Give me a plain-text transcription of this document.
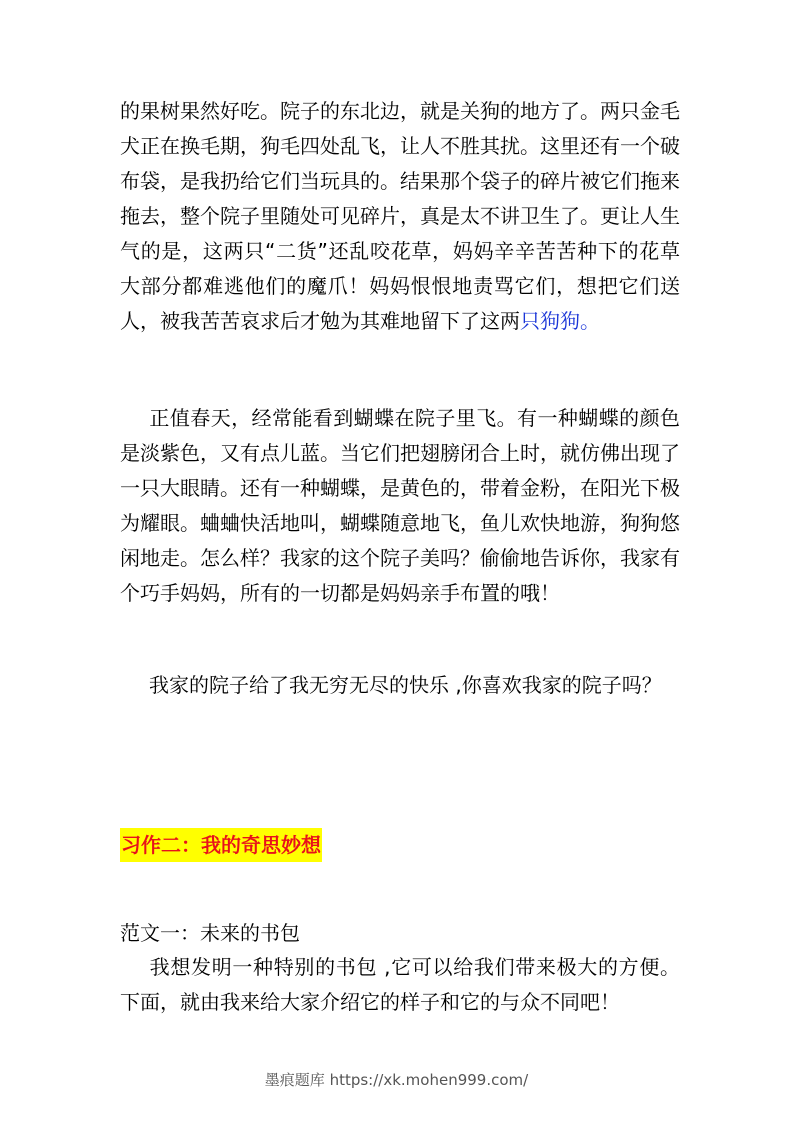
的果树果然好吃。院子的东北边，就是关狗的地方了。两只金毛犬正在换毛期，狗毛四处乱飞，让人不胜其扰。这里还有一个破布袋，是我扔给它们当玩具的。结果那个袋子的碎片被它们拖来拖去，整个院子里随处可见碎片，真是太不讲卫生了。更让人生气的是，这两只“二货”还乱咬花草，妈妈辛辛苦苦种下的花草大部分都难逃他们的魔爪！妈妈恨恨地责骂它们，想把它们送人，被我苦苦哀求后才勉为其难地留下了这两只狗狗。

正值春天，经常能看到蝴蝶在院子里飞。有一种蝴蝶的颜色是淡紫色，又有点儿蓝。当它们把翅膀闭合上时，就仿佛出现了一只大眼睛。还有一种蝴蝶，是黄色的，带着金粉，在阳光下极为耀眼。蛐蛐快活地叫，蝴蝶随意地飞，鱼儿欢快地游，狗狗悠闲地走。怎么样？我家的这个院子美吗？偷偷地告诉你，我家有个巧手妈妈，所有的一切都是妈妈亲手布置的哦！

我家的院子给了我无穷无尽的快乐 ,你喜欢我家的院子吗？

习作二：我的奇思妙想

范文一：未来的书包

我想发明一种特别的书包 ,它可以给我们带来极大的方便。下面，就由我来给大家介绍它的样子和它的与众不同吧！

墨痕题库 https://xk.mohen999.com/
